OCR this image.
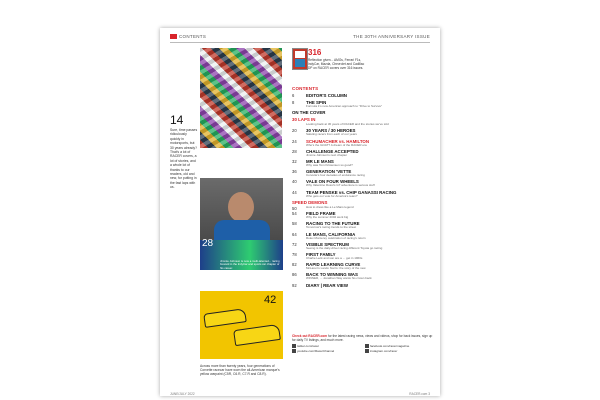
CONTENTS	THE 30TH ANNIVERSARY ISSUE
14
Sure, time passes ridiculously quickly in motorsports, but 30 years already? That's a lot of RACER covers, a lot of stories, and a whole lot of thanks to our readers, old and new, for putting in the fast laps with us.
316
Reflection given... AMGs, Ferrari F1s, IndyCar, Mazda, Chevrolet and Cadillac DP on RACER covers over 316 issues.
28
Jimmie Johnson is now a multi-talented... racing forward in the IndyCar and sports car chapter of his career.
42
Across more than twenty years, four generations of Corvette racecar have worn the all-American marque's yellow warpaint (C5R, C6.R, C7.R and C8.R).
CONTENTS
6	EDITOR'S COLUMN
8	THE SPIN
Formula 1's new American approach to "Drive to Survive"
ON THE COVER
30 LAPS IN
Looking back at 30 years of RACER and the stories we've told
20	30 YEARS / 30 HEROES
Saluting racers from each of our years
24	SCHUMACHER vs. HAMILTON
Who's the GOAT? A dream of the RACER era
28	CHALLENGE ACCEPTED
Jimmie Johnson's next chapter
32	MR LE MANS
Why was Tom Kristensen so good?
36	GENERATION 'VETTE
Corvette's four decades of endurance racing
40	VALE ON FOUR WHEELS
Why Valentino Rossi's GT adventure is serious stuff
44	TEAM PENSKE vs. CHIP GANASSI RACING
Who gets our vote for America's team?
SPEED DEMONS
50	How to dress like a Le Mans legend
54	FIELD FRAME
Why the summer 2002 went big
58	RACING TO THE FUTURE
Tomorrow's racing trends to the street
64	LE MANS, CALIFORNIA
Rolex Monterey celebration of racing's return
72	VISIBLE SPECTRUM
Seeing is the daily-driver racing different Toyota go racing
78	FIRST FAMILY
Charlie Leck and son are a ... get in 1960s
82	RAPID LEARNING CURVE
McLaren's Lando Norris: the story of the new
86	BACK TO WINNING WAS
WINNER, ... Jonathan Way wants his crown back
92	DIARY | REAR VIEW
Check out RACER.com for the latest racing news, views and videos, shop for back issues, sign up for daily TV listings, and much more.
twitter.com/racer	facebook.com/racermagazine
youtube.com/RacerChannel	instagram.com/racer
JUNE/JULY 2022	RACER.com 3
